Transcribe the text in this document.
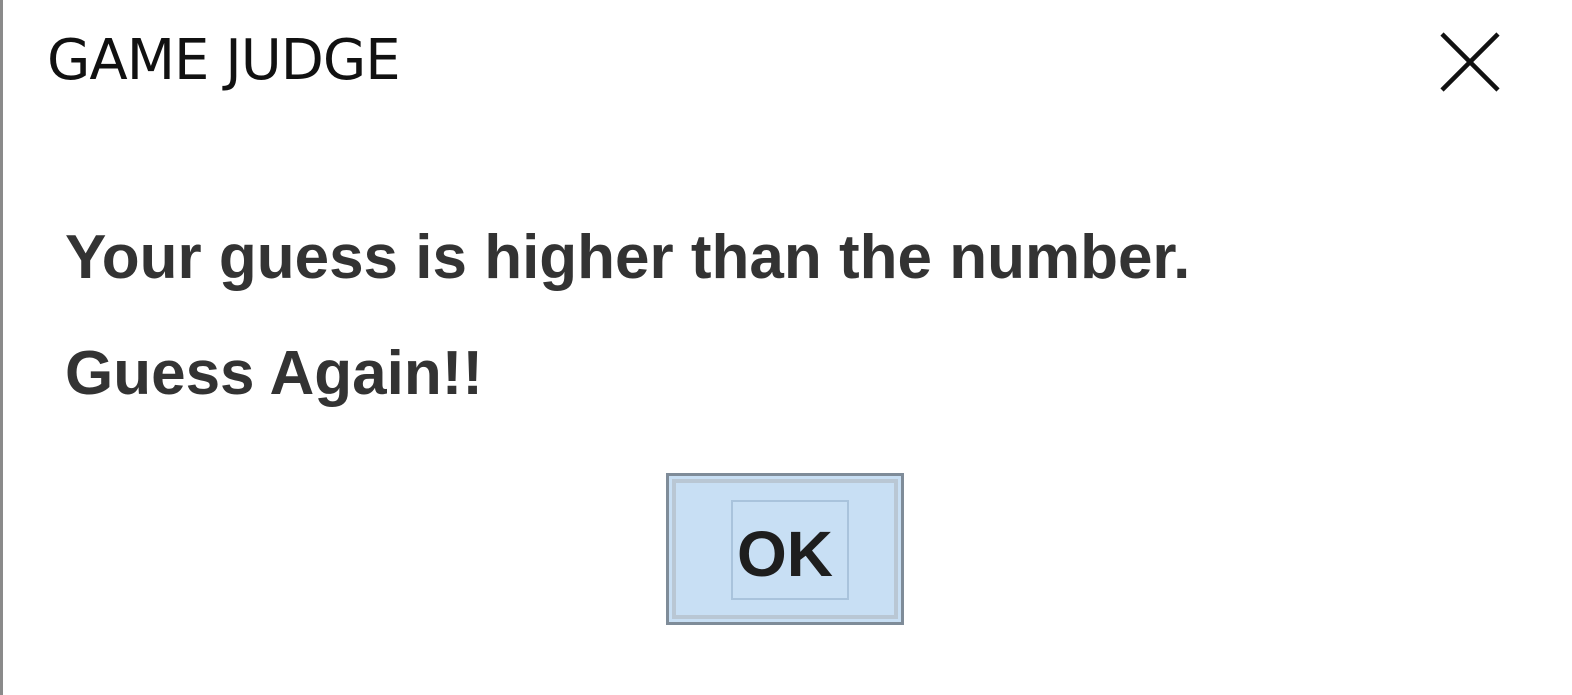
GAME JUDGE
Your guess is higher than the number.
Guess Again!!
OK
